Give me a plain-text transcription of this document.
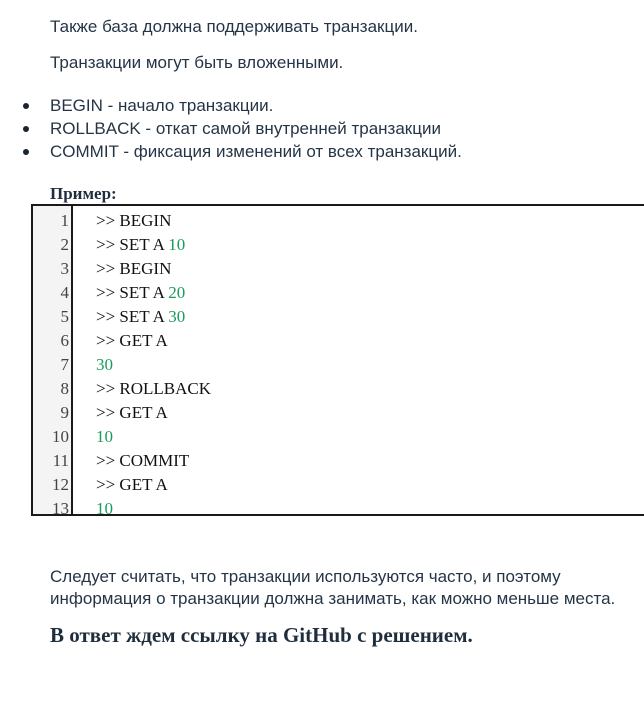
Также база должна поддерживать транзакции.
Транзакции могут быть вложенными.
BEGIN - начало транзакции.
ROLLBACK - откат самой внутренней транзакции
COMMIT - фиксация изменений от всех транзакций.
Пример:
1 >> BEGIN
2 >> SET A 10
3 >> BEGIN
4 >> SET A 20
5 >> SET A 30
6 >> GET A
7 30
8 >> ROLLBACK
9 >> GET A
10 10
11 >> COMMIT
12 >> GET A
13 10
Следует считать, что транзакции используются часто, и поэтому
информация о транзакции должна занимать, как можно меньше места.
В ответ ждем ссылку на GitHub с решением.
